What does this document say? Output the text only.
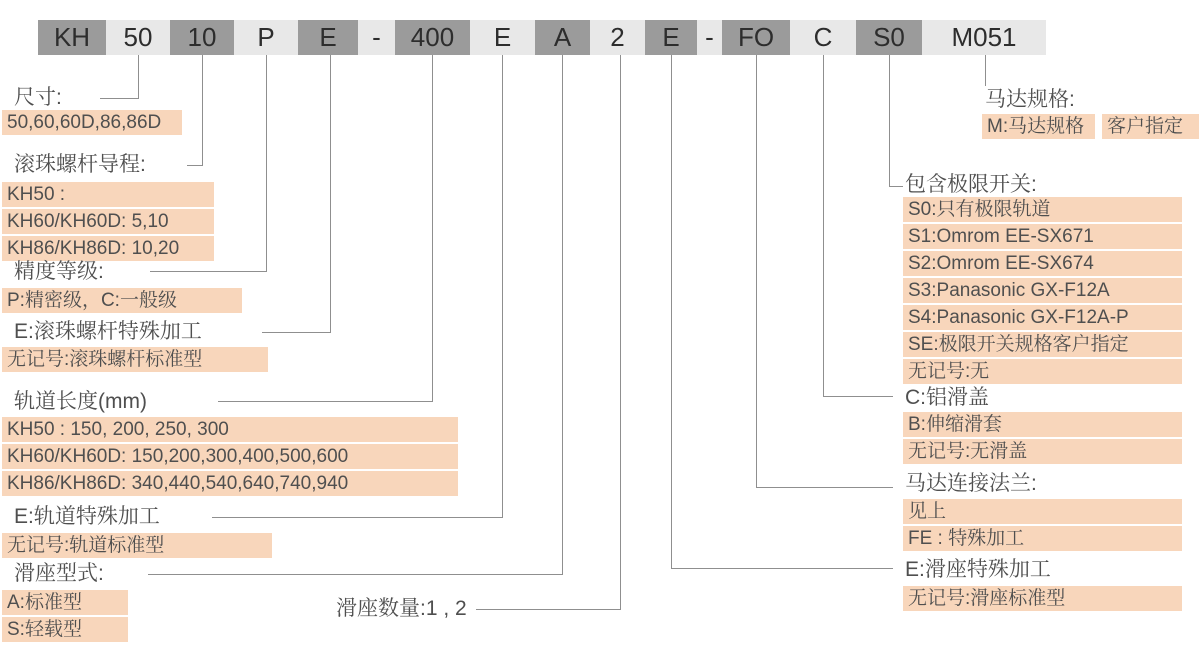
KH	50	10	P	E	-	400	E	A	2	E - FO	C	S0	M051
尺寸:
50,60,60D,86,86D
滚珠螺杆导程:
KH50 :
KH60/KH60D: 5,10
KH86/KH86D: 10,20
精度等级:
P:精密级，C:一般级
E:滚珠螺杆特殊加工
无记号:滚珠螺杆标准型
轨道长度(mm)
KH50 : 150, 200, 250, 300
KH60/KH60D: 150,200,300,400,500,600
KH86/KH86D: 340,440,540,640,740,940
E:轨道特殊加工
无记号:轨道标准型
滑座型式:
A:标准型
S:轻载型
滑座数量:1 , 2
马达规格:
M:马达规格	客户指定
包含极限开关:
S0:只有极限轨道
S1:Omrom EE-SX671
S2:Omrom EE-SX674
S3:Panasonic GX-F12A
S4:Panasonic GX-F12A-P
SE:极限开关规格客户指定
无记号:无
C:铝滑盖
B:伸缩滑套
无记号:无滑盖
马达连接法兰:
见上
FE : 特殊加工
E:滑座特殊加工
无记号:滑座标准型
